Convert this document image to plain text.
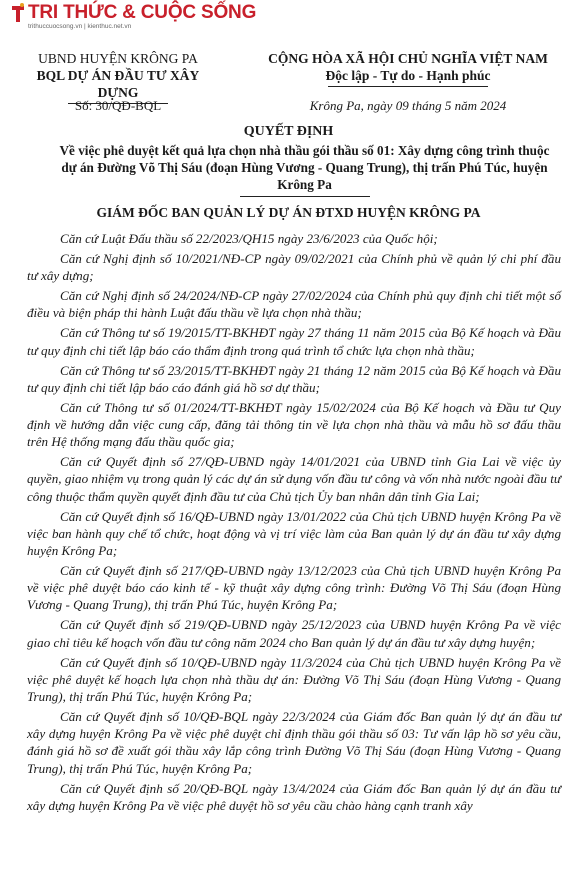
TRI THỨC & CUỘC SỐNG
trithuccuocsong.vn | kienthuc.net.vn
UBND HUYỆN KRÔNG PA
BQL DỰ ÁN ĐẦU TƯ XÂY DỰNG
CỘNG HÒA XÃ HỘI CHỦ NGHĨA VIỆT NAM
Độc lập - Tự do - Hạnh phúc
Số: 30/QĐ-BQL	Krông Pa, ngày 09 tháng 5 năm 2024
QUYẾT ĐỊNH
Về việc phê duyệt kết quả lựa chọn nhà thầu gói thầu số 01: Xây dựng công trình thuộc dự án Đường Võ Thị Sáu (đoạn Hùng Vương - Quang Trung), thị trấn Phú Túc, huyện Krông Pa
GIÁM ĐỐC BAN QUẢN LÝ DỰ ÁN ĐTXD HUYỆN KRÔNG PA

Căn cứ Luật Đấu thầu số 22/2023/QH15 ngày 23/6/2023 của Quốc hội;

Căn cứ Nghị định số 10/2021/NĐ-CP ngày 09/02/2021 của Chính phủ về quản lý chi phí đầu tư xây dựng;

Căn cứ Nghị định số 24/2024/NĐ-CP ngày 27/02/2024 của Chính phủ quy định chi tiết một số điều và biện pháp thi hành Luật đấu thầu về lựa chọn nhà thầu;

Căn cứ Thông tư số 19/2015/TT-BKHĐT ngày 27 tháng 11 năm 2015 của Bộ Kế hoạch và Đầu tư quy định chi tiết lập báo cáo thẩm định trong quá trình tổ chức lựa chọn nhà thầu;

Căn cứ Thông tư số 23/2015/TT-BKHĐT ngày 21 tháng 12 năm 2015 của Bộ Kế hoạch và Đầu tư quy định chi tiết lập báo cáo đánh giá hồ sơ dự thầu;

Căn cứ Thông tư số 01/2024/TT-BKHĐT ngày 15/02/2024 của Bộ Kế hoạch và Đầu tư Quy định về hướng dẫn việc cung cấp, đăng tải thông tin về lựa chọn nhà thầu và mẫu hồ sơ đấu thầu trên Hệ thống mạng đấu thầu quốc gia;

Căn cứ Quyết định số 27/QĐ-UBND ngày 14/01/2021 của UBND tỉnh Gia Lai về việc ủy quyền, giao nhiệm vụ trong quản lý các dự án sử dụng vốn đầu tư công và vốn nhà nước ngoài đầu tư công thuộc thẩm quyền quyết định đầu tư của Chủ tịch Ủy ban nhân dân tỉnh Gia Lai;

Căn cứ Quyết định số 16/QĐ-UBND ngày 13/01/2022 của Chủ tịch UBND huyện Krông Pa về việc ban hành quy chế tổ chức, hoạt động và vị trí việc làm của Ban quản lý dự án đầu tư xây dựng huyện Krông Pa;

Căn cứ Quyết định số 217/QĐ-UBND ngày 13/12/2023 của Chủ tịch UBND huyện Krông Pa về việc phê duyệt báo cáo kinh tế - kỹ thuật xây dựng công trình: Đường Võ Thị Sáu (đoạn Hùng Vương - Quang Trung), thị trấn Phú Túc, huyện Krông Pa;

Căn cứ Quyết định số 219/QĐ-UBND ngày 25/12/2023 của UBND huyện Krông Pa về việc giao chỉ tiêu kế hoạch vốn đầu tư công năm 2024 cho Ban quản lý dự án đầu tư xây dựng huyện;

Căn cứ Quyết định số 10/QĐ-UBND ngày 11/3/2024 của Chủ tịch UBND huyện Krông Pa về việc phê duyệt kế hoạch lựa chọn nhà thầu dự án: Đường Võ Thị Sáu (đoạn Hùng Vương - Quang Trung), thị trấn Phú Túc, huyện Krông Pa;

Căn cứ Quyết định số 10/QĐ-BQL ngày 22/3/2024 của Giám đốc Ban quản lý dự án đầu tư xây dựng huyện Krông Pa về việc phê duyệt chỉ định thầu gói thầu số 03: Tư vấn lập hồ sơ yêu cầu, đánh giá hồ sơ đề xuất gói thầu xây lắp công trình Đường Võ Thị Sáu (đoạn Hùng Vương - Quang Trung), thị trấn Phú Túc, huyện Krông Pa;

Căn cứ Quyết định số 20/QĐ-BQL ngày 13/4/2024 của Giám đốc Ban quản lý dự án đầu tư xây dựng huyện Krông Pa về việc phê duyệt hồ sơ yêu cầu chào hàng cạnh tranh xây
